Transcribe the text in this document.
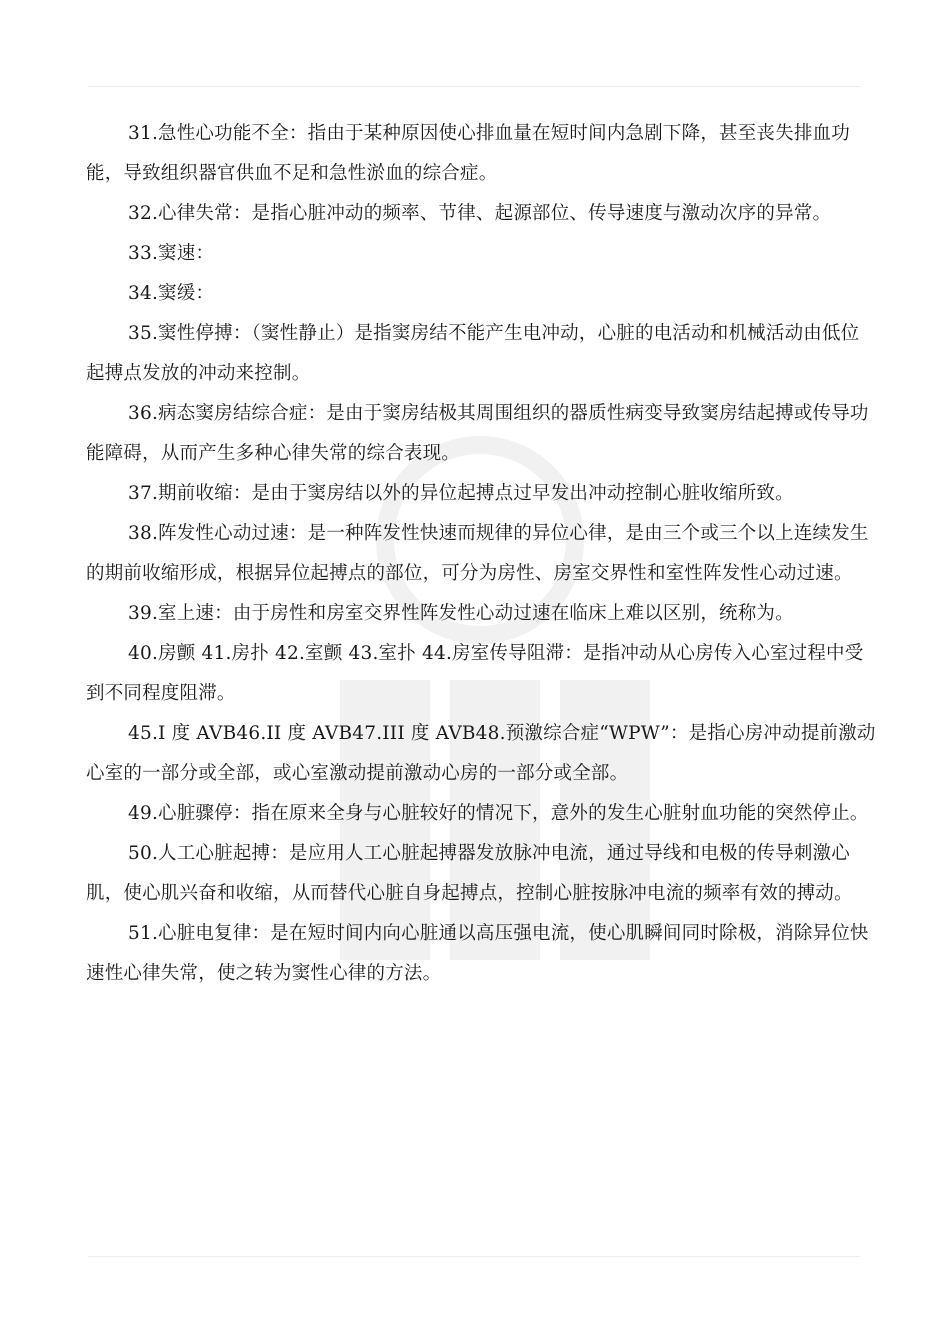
31.急性心功能不全：指由于某种原因使心排血量在短时间内急剧下降，甚至丧失排血功能，导致组织器官供血不足和急性淤血的综合症。

32.心律失常：是指心脏冲动的频率、节律、起源部位、传导速度与激动次序的异常。

33.窦速：

34.窦缓：

35.窦性停搏：（窦性静止）是指窦房结不能产生电冲动，心脏的电活动和机械活动由低位起搏点发放的冲动来控制。

36.病态窦房结综合症：是由于窦房结极其周围组织的器质性病变导致窦房结起搏或传导功能障碍，从而产生多种心律失常的综合表现。

37.期前收缩：是由于窦房结以外的异位起搏点过早发出冲动控制心脏收缩所致。

38.阵发性心动过速：是一种阵发性快速而规律的异位心律，是由三个或三个以上连续发生的期前收缩形成，根据异位起搏点的部位，可分为房性、房室交界性和室性阵发性心动过速。

39.室上速：由于房性和房室交界性阵发性心动过速在临床上难以区别，统称为。

40.房颤 41.房扑 42.室颤 43.室扑 44.房室传导阻滞：是指冲动从心房传入心室过程中受到不同程度阻滞。

45.I 度 AVB46.II 度 AVB47.III 度 AVB48.预激综合症“WPW”：是指心房冲动提前激动心室的一部分或全部，或心室激动提前激动心房的一部分或全部。

49.心脏骤停：指在原来全身与心脏较好的情况下，意外的发生心脏射血功能的突然停止。

50.人工心脏起搏：是应用人工心脏起搏器发放脉冲电流，通过导线和电极的传导刺激心肌，使心肌兴奋和收缩，从而替代心脏自身起搏点，控制心脏按脉冲电流的频率有效的搏动。

51.心脏电复律：是在短时间内向心脏通以高压强电流，使心肌瞬间同时除极，消除异位快速性心律失常，使之转为窦性心律的方法。
